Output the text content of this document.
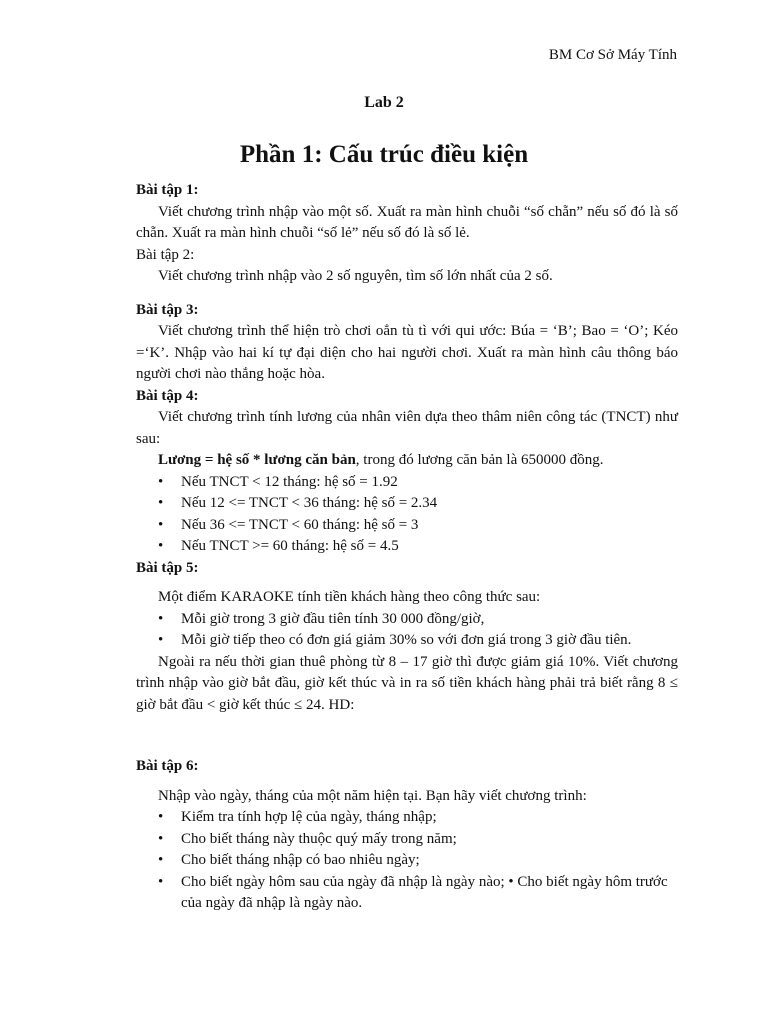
BM Cơ Sở Máy Tính
Lab 2
Phần 1: Cấu trúc điều kiện

Bài tập 1:

Viết chương trình nhập vào một số. Xuất ra màn hình chuỗi “số chẵn” nếu số đó là số chẵn. Xuất ra màn hình chuỗi “số lẻ” nếu số đó là số lẻ.

Bài tập 2:

Viết chương trình nhập vào 2 số nguyên, tìm số lớn nhất của 2 số.

Bài tập 3:

Viết chương trình thể hiện trò chơi oẳn tù tì với qui ước: Búa = ‘B’; Bao = ‘O’; Kéo =‘K’. Nhập vào hai kí tự đại diện cho hai người chơi. Xuất ra màn hình câu thông báo người chơi nào thắng hoặc hòa.

Bài tập 4:

Viết chương trình tính lương của nhân viên dựa theo thâm niên công tác (TNCT) như sau:

Lương = hệ số * lương căn bản, trong đó lương căn bản là 650000 đồng.

• Nếu TNCT < 12 tháng: hệ số = 1.92
• Nếu 12 <= TNCT < 36 tháng: hệ số = 2.34
• Nếu 36 <= TNCT < 60 tháng: hệ số = 3
• Nếu TNCT >= 60 tháng: hệ số = 4.5

Bài tập 5:

Một điểm KARAOKE tính tiền khách hàng theo công thức sau:

• Mỗi giờ trong 3 giờ đầu tiên tính 30 000 đồng/giờ,
• Mỗi giờ tiếp theo có đơn giá giảm 30% so với đơn giá trong 3 giờ đầu tiên.

Ngoài ra nếu thời gian thuê phòng từ 8 – 17 giờ thì được giảm giá 10%. Viết chương trình nhập vào giờ bắt đầu, giờ kết thúc và in ra số tiền khách hàng phải trả biết rằng 8 ≤ giờ bắt đầu < giờ kết thúc ≤ 24. HD:

Bài tập 6:

Nhập vào ngày, tháng của một năm hiện tại. Bạn hãy viết chương trình:

• Kiểm tra tính hợp lệ của ngày, tháng nhập;
• Cho biết tháng này thuộc quý mấy trong năm;
• Cho biết tháng nhập có bao nhiêu ngày;
• Cho biết ngày hôm sau của ngày đã nhập là ngày nào; • Cho biết ngày hôm trước của ngày đã nhập là ngày nào.
